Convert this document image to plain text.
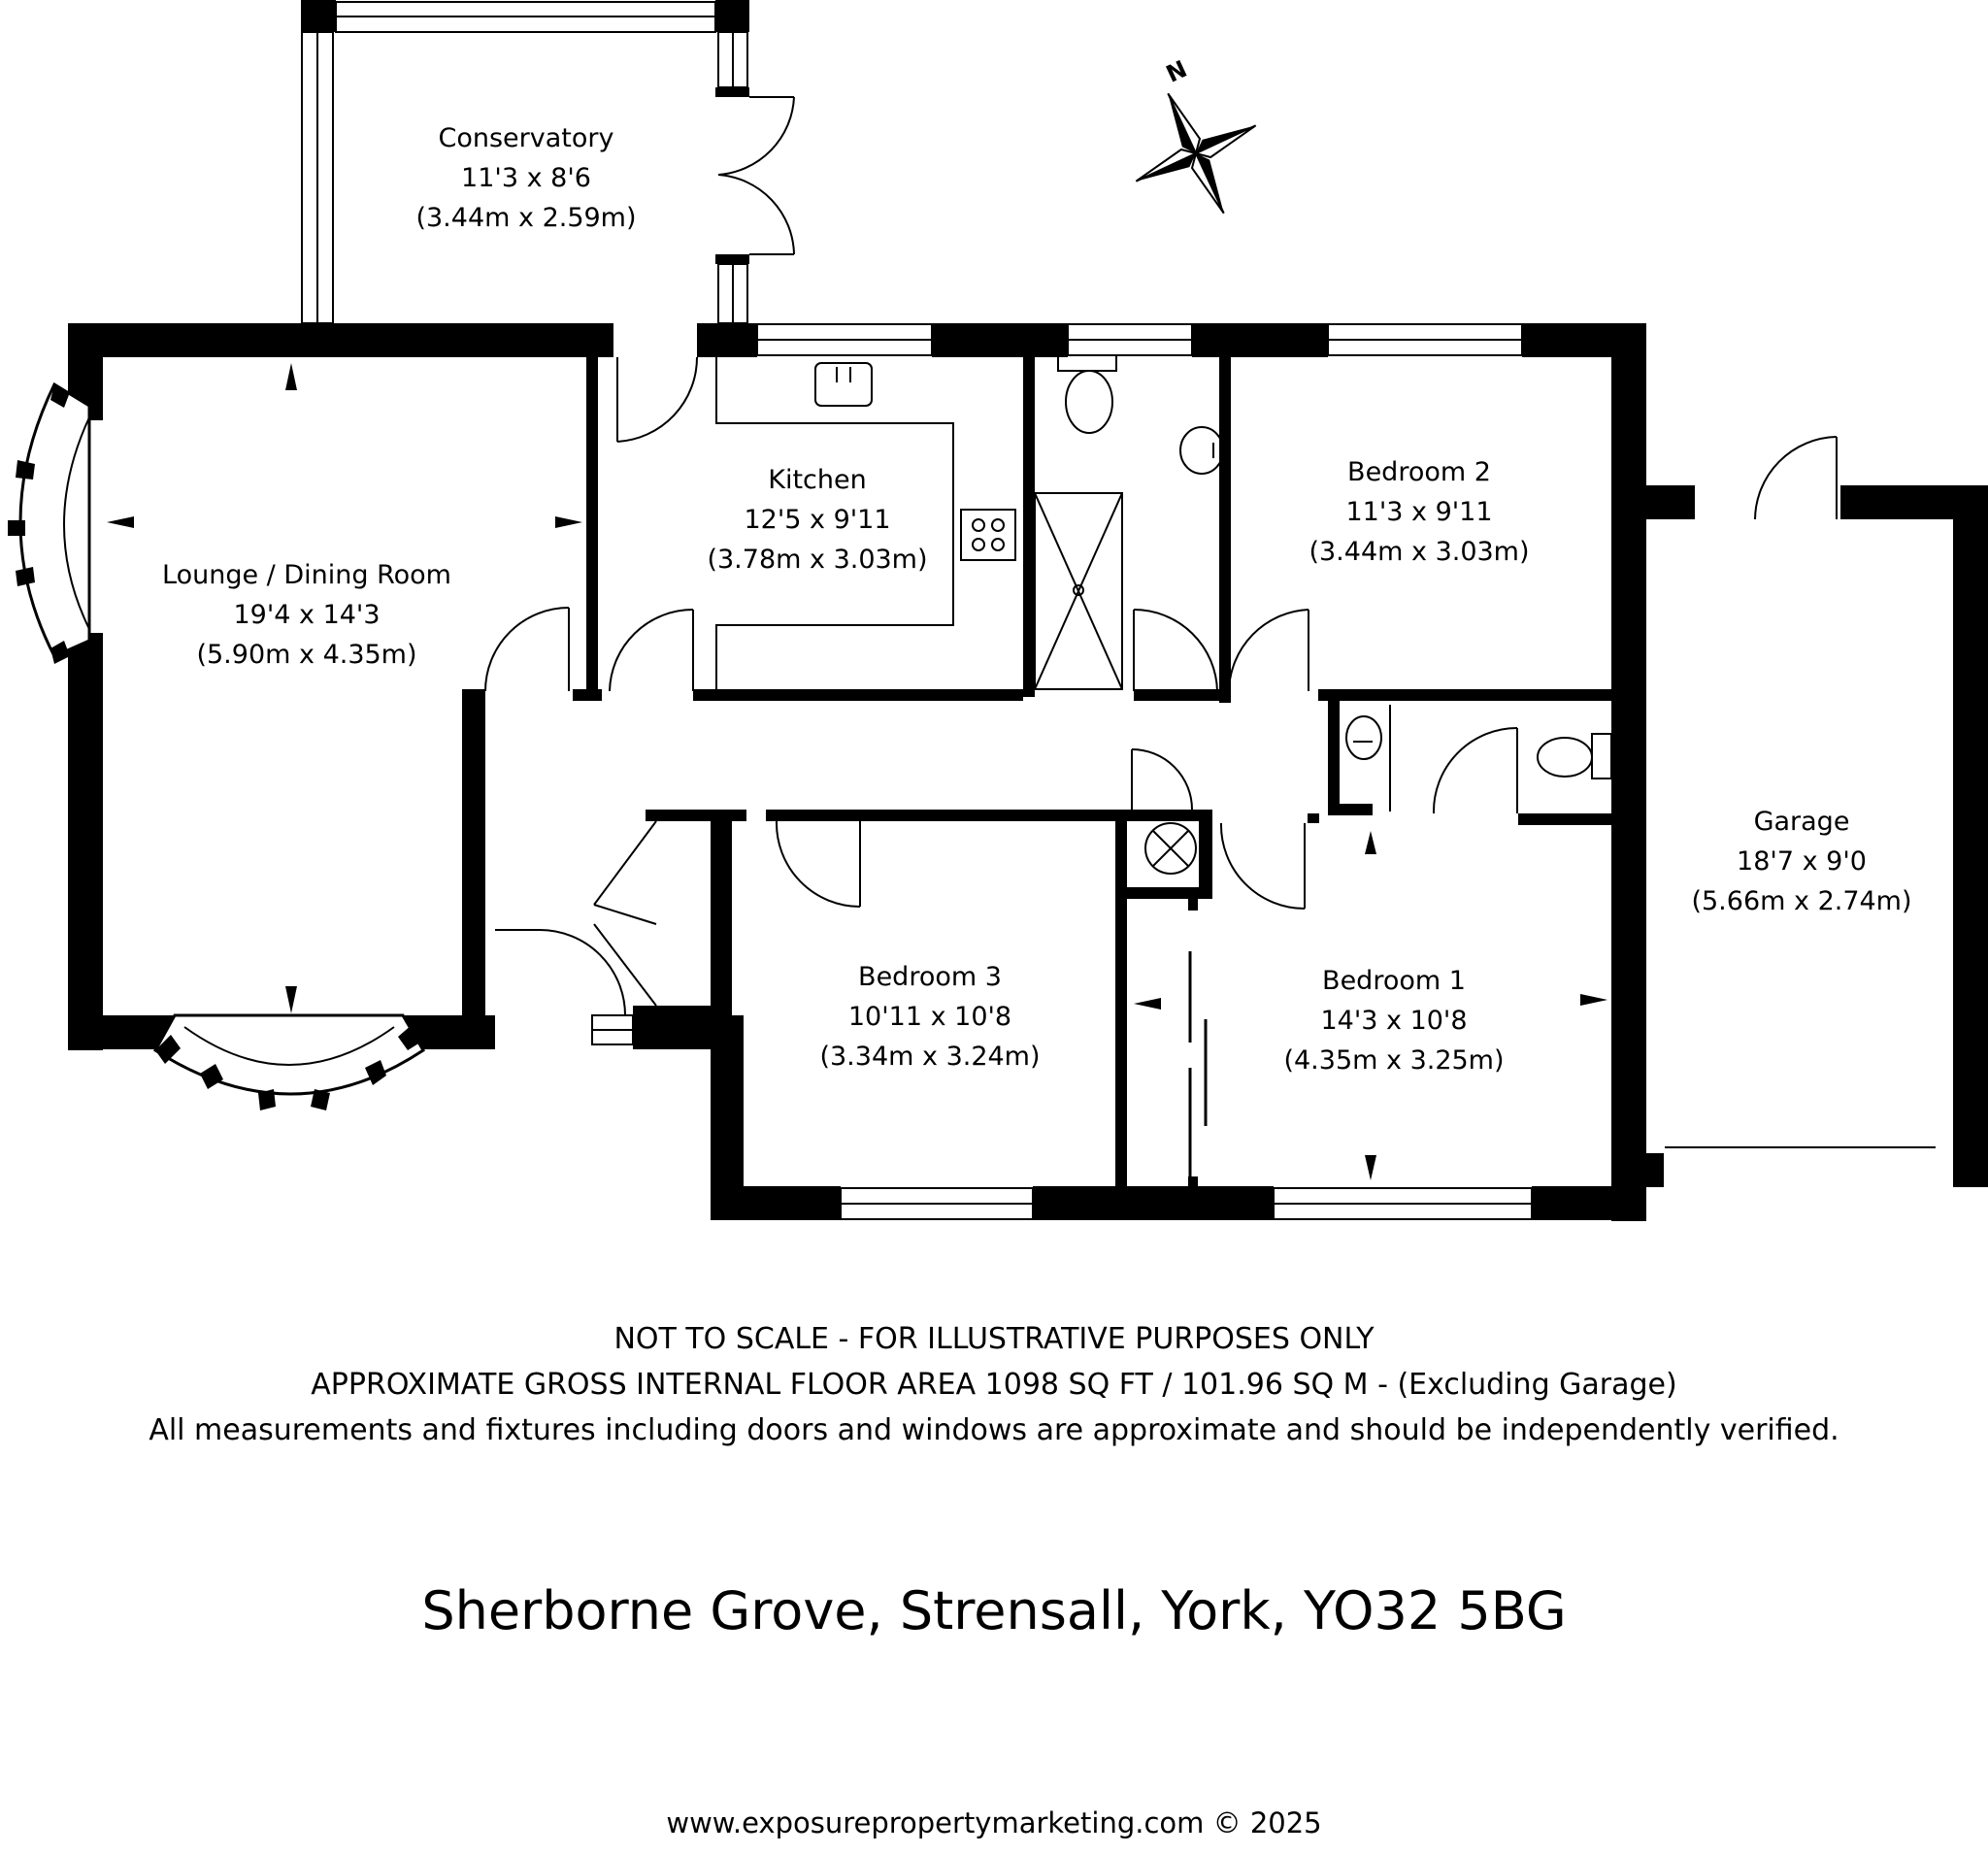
N
Conservatory
11'3 x 8'6
(3.44m x 2.59m)
Kitchen
12'5 x 9'11
(3.78m x 3.03m)
Bedroom 2
11'3 x 9'11
(3.44m x 3.03m)
Lounge / Dining Room
19'4 x 14'3
(5.90m x 4.35m)
Garage
18'7 x 9'0
(5.66m x 2.74m)
Bedroom 3
10'11 x 10'8
(3.34m x 3.24m)
Bedroom 1
14'3 x 10'8
(4.35m x 3.25m)
NOT TO SCALE - FOR ILLUSTRATIVE PURPOSES ONLY
APPROXIMATE GROSS INTERNAL FLOOR AREA 1098 SQ FT / 101.96 SQ M - (Excluding Garage)
All measurements and fixtures including doors and windows are approximate and should be independently verified.
Sherborne Grove, Strensall, York, YO32 5BG
www.exposurepropertymarketing.com © 2025
